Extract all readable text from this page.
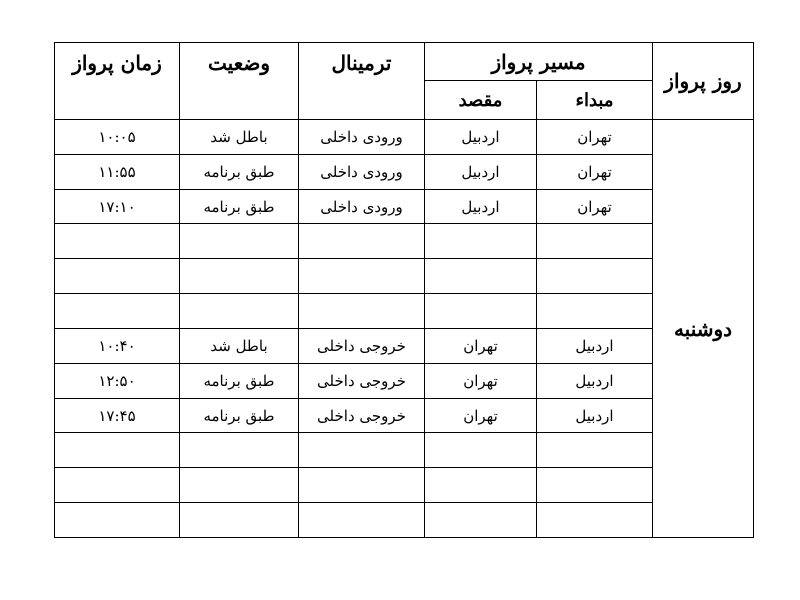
روز پرواز	مسیر پرواز		ترمینال	وضعیت	زمان پرواز
	مبداء	مقصد			
دوشنبه	تهران	اردبیل	ورودی داخلی	باطل شد	۱۰:۰۵
	تهران	اردبیل	ورودی داخلی	طبق برنامه	۱۱:۵۵
	تهران	اردبیل	ورودی داخلی	طبق برنامه	۱۷:۱۰

	اردبیل	تهران	خروجی داخلی	باطل شد	۱۰:۴۰
	اردبیل	تهران	خروجی داخلی	طبق برنامه	۱۲:۵۰
	اردبیل	تهران	خروجی داخلی	طبق برنامه	۱۷:۴۵
